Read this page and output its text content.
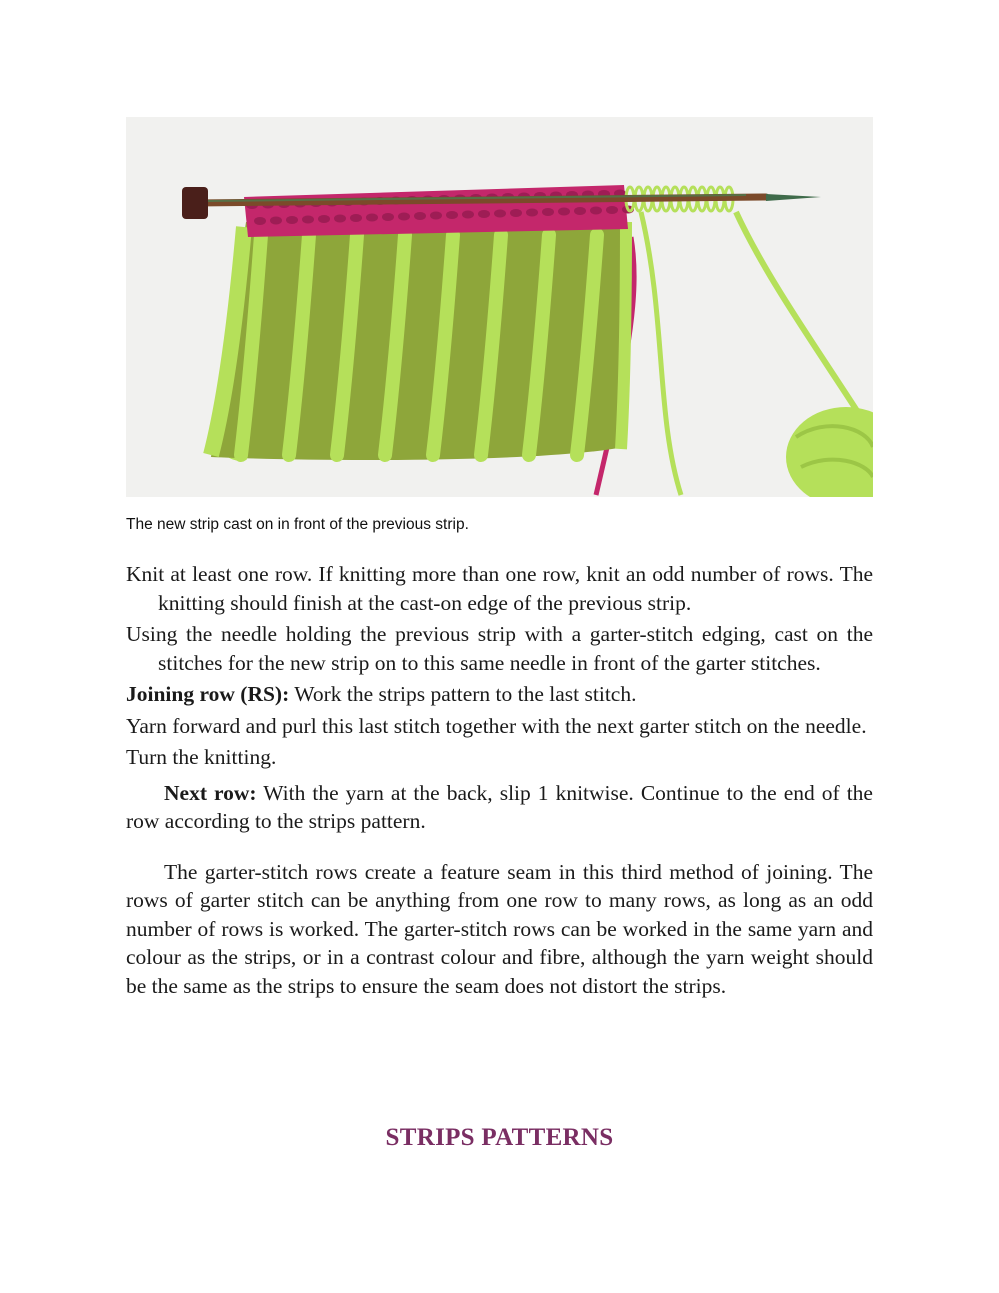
The new strip cast on in front of the previous strip.

Knit at least one row. If knitting more than one row, knit an odd number of rows. The knitting should finish at the cast-on edge of the previous strip.

Using the needle holding the previous strip with a garter-stitch edging, cast on the stitches for the new strip on to this same needle in front of the garter stitches.

Joining row (RS): Work the strips pattern to the last stitch.

Yarn forward and purl this last stitch together with the next garter stitch on the needle.

Turn the knitting.

Next row: With the yarn at the back, slip 1 knitwise. Continue to the end of the row according to the strips pattern.

The garter-stitch rows create a feature seam in this third method of joining. The rows of garter stitch can be anything from one row to many rows, as long as an odd number of rows is worked. The garter-stitch rows can be worked in the same yarn and colour as the strips, or in a contrast colour and fibre, although the yarn weight should be the same as the strips to ensure the seam does not distort the strips.

STRIPS PATTERNS
